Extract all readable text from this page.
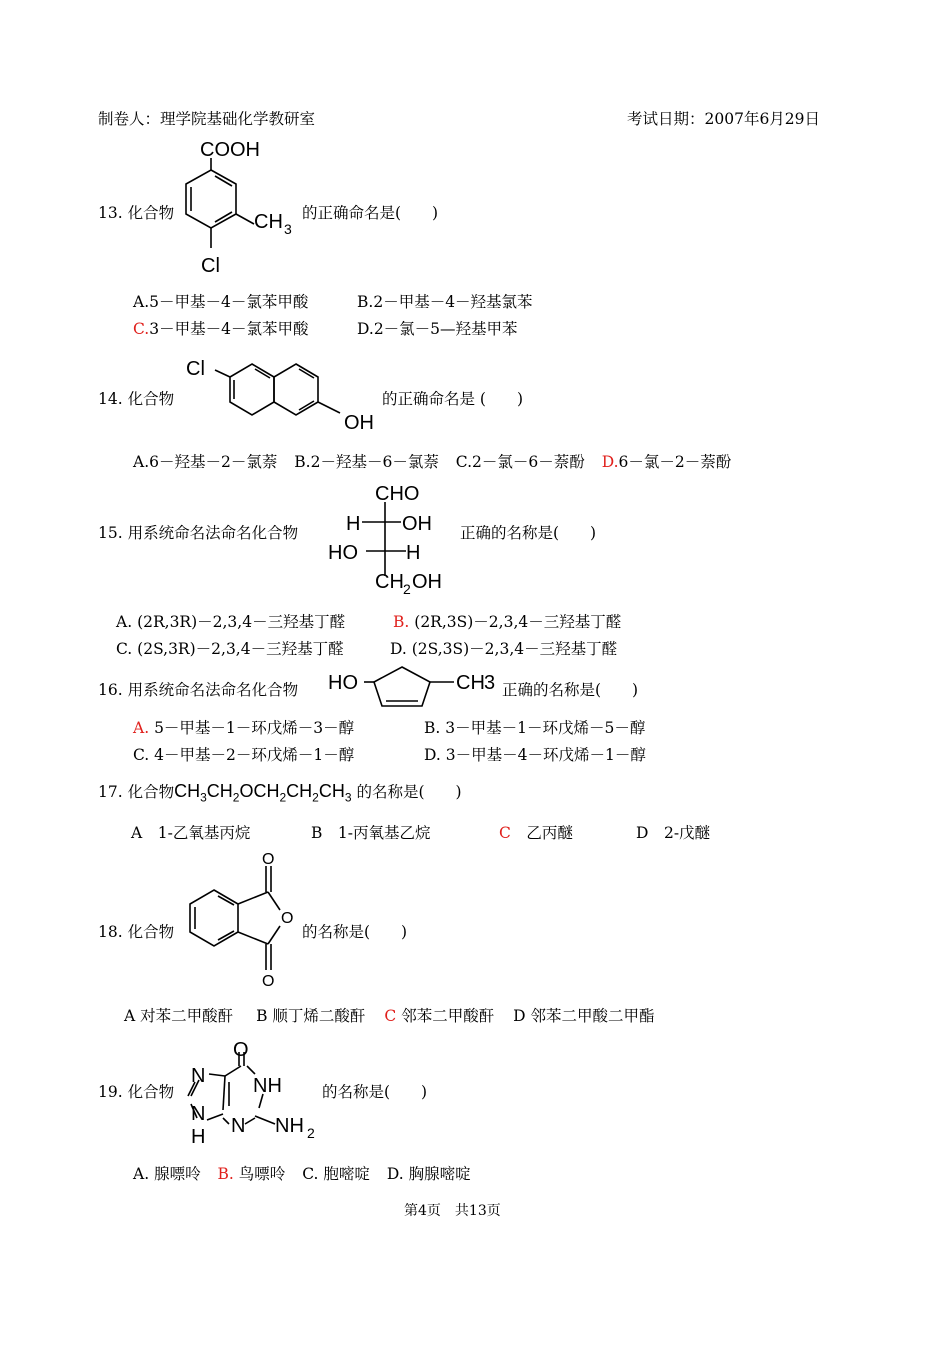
制卷人：理学院基础化学教研室	考试日期：2007年6月29日
13. 化合物
COOH
CH 3
Cl
的正确命名是(　　)
A.5－甲基－4－氯苯甲酸	B.2－甲基－4－羟基氯苯
C.3－甲基－4－氯苯甲酸	D.2－氯－5—羟基甲苯
14. 化合物
Cl
OH
的正确命名是 (　　)
A.6－羟基－2－氯萘 B.2－羟基－6－氯萘 C.2－氯－6－萘酚 D.6－氯－2－萘酚
15. 用系统命名法命名化合物
CHO
H OH
HO H
CH 2 OH
正确的名称是(　　)
A. (2R,3R)－2,3,4－三羟基丁醛	B. (2R,3S)－2,3,4－三羟基丁醛
C. (2S,3R)－2,3,4－三羟基丁醛	D. (2S,3S)－2,3,4－三羟基丁醛
16. 用系统命名法命名化合物 HO	CH 3 正确的名称是(　　)
A. 5－甲基－1－环戊烯－3－醇	B. 3－甲基－1－环戊烯－5－醇
C. 4－甲基－2－环戊烯－1－醇	D. 3－甲基－4－环戊烯－1－醇
17. 化合物$CH_3CH_2OCH_2CH_2CH_3$ 的名称是(　　)
A　 1-乙氧基丙烷	B　 1-丙氧基乙烷	C　 乙丙醚	D　 2-戊醚
18. 化合物
O
O
O
的名称是(　　)
A 对苯二甲酸酐 B 顺丁烯二酸酐 C 邻苯二甲酸酐 D 邻苯二甲酸二甲酯
19. 化合物
O
N NH
N
N
H	NH 2
的名称是(　　)
A. 腺嘌呤 B. 鸟嘌呤 C. 胞嘧啶 D. 胸腺嘧啶
第4页　共13页
